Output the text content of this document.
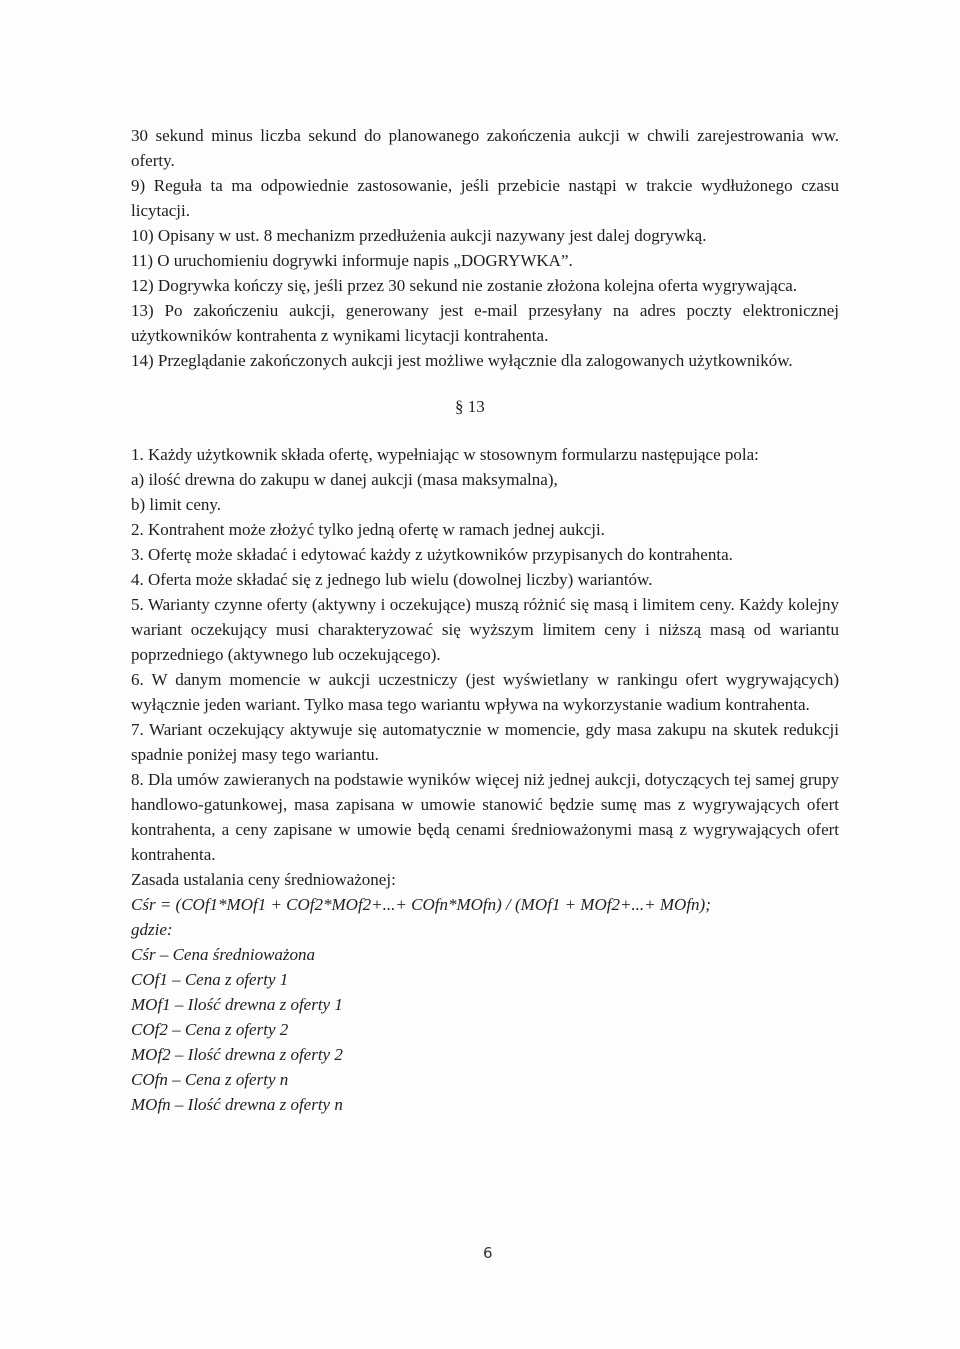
30 sekund minus liczba sekund do planowanego zakończenia aukcji w chwili zarejestrowania ww. oferty.

9) Reguła ta ma odpowiednie zastosowanie, jeśli przebicie nastąpi w trakcie wydłużonego czasu licytacji.

10) Opisany w ust. 8 mechanizm przedłużenia aukcji nazywany jest dalej dogrywką.

11) O uruchomieniu dogrywki informuje napis „DOGRYWKA”.

12) Dogrywka kończy się, jeśli przez 30 sekund nie zostanie złożona kolejna oferta wygrywająca.

13) Po zakończeniu aukcji, generowany jest e-mail przesyłany na adres poczty elektronicznej użytkowników kontrahenta z wynikami licytacji kontrahenta.

14) Przeglądanie zakończonych aukcji jest możliwe wyłącznie dla zalogowanych użytkowników.

§ 13

1. Każdy użytkownik składa ofertę, wypełniając w stosownym formularzu następujące pola:

a) ilość drewna do zakupu w danej aukcji (masa maksymalna),

b) limit ceny.

2. Kontrahent może złożyć tylko jedną ofertę w ramach jednej aukcji.

3. Ofertę może składać i edytować każdy z użytkowników przypisanych do kontrahenta.

4. Oferta może składać się z jednego lub wielu (dowolnej liczby) wariantów.

5. Warianty czynne oferty (aktywny i oczekujące) muszą różnić się masą i limitem ceny. Każdy kolejny wariant oczekujący musi charakteryzować się wyższym limitem ceny i niższą masą od wariantu poprzedniego (aktywnego lub oczekującego).

6. W danym momencie w aukcji uczestniczy (jest wyświetlany w rankingu ofert wygrywających) wyłącznie jeden wariant. Tylko masa tego wariantu wpływa na wykorzystanie wadium kontrahenta.

7. Wariant oczekujący aktywuje się automatycznie w momencie, gdy masa zakupu na skutek redukcji spadnie poniżej masy tego wariantu.

8. Dla umów zawieranych na podstawie wyników więcej niż jednej aukcji, dotyczących tej samej grupy handlowo-gatunkowej, masa zapisana w umowie stanowić będzie sumę mas z wygrywających ofert kontrahenta, a ceny zapisane w umowie będą cenami średnioważonymi masą z wygrywających ofert kontrahenta.

Zasada ustalania ceny średnioważonej:

Cśr = (COf1*MOf1 + COf2*MOf2+...+ COfn*MOfn) / (MOf1 + MOf2+...+ MOfn);

gdzie:

Cśr – Cena średnioważona

COf1 – Cena z oferty 1

MOf1 – Ilość drewna z oferty 1

COf2 – Cena z oferty 2

MOf2 – Ilość drewna z oferty 2

COfn – Cena z oferty n

MOfn – Ilość drewna z oferty n

6
